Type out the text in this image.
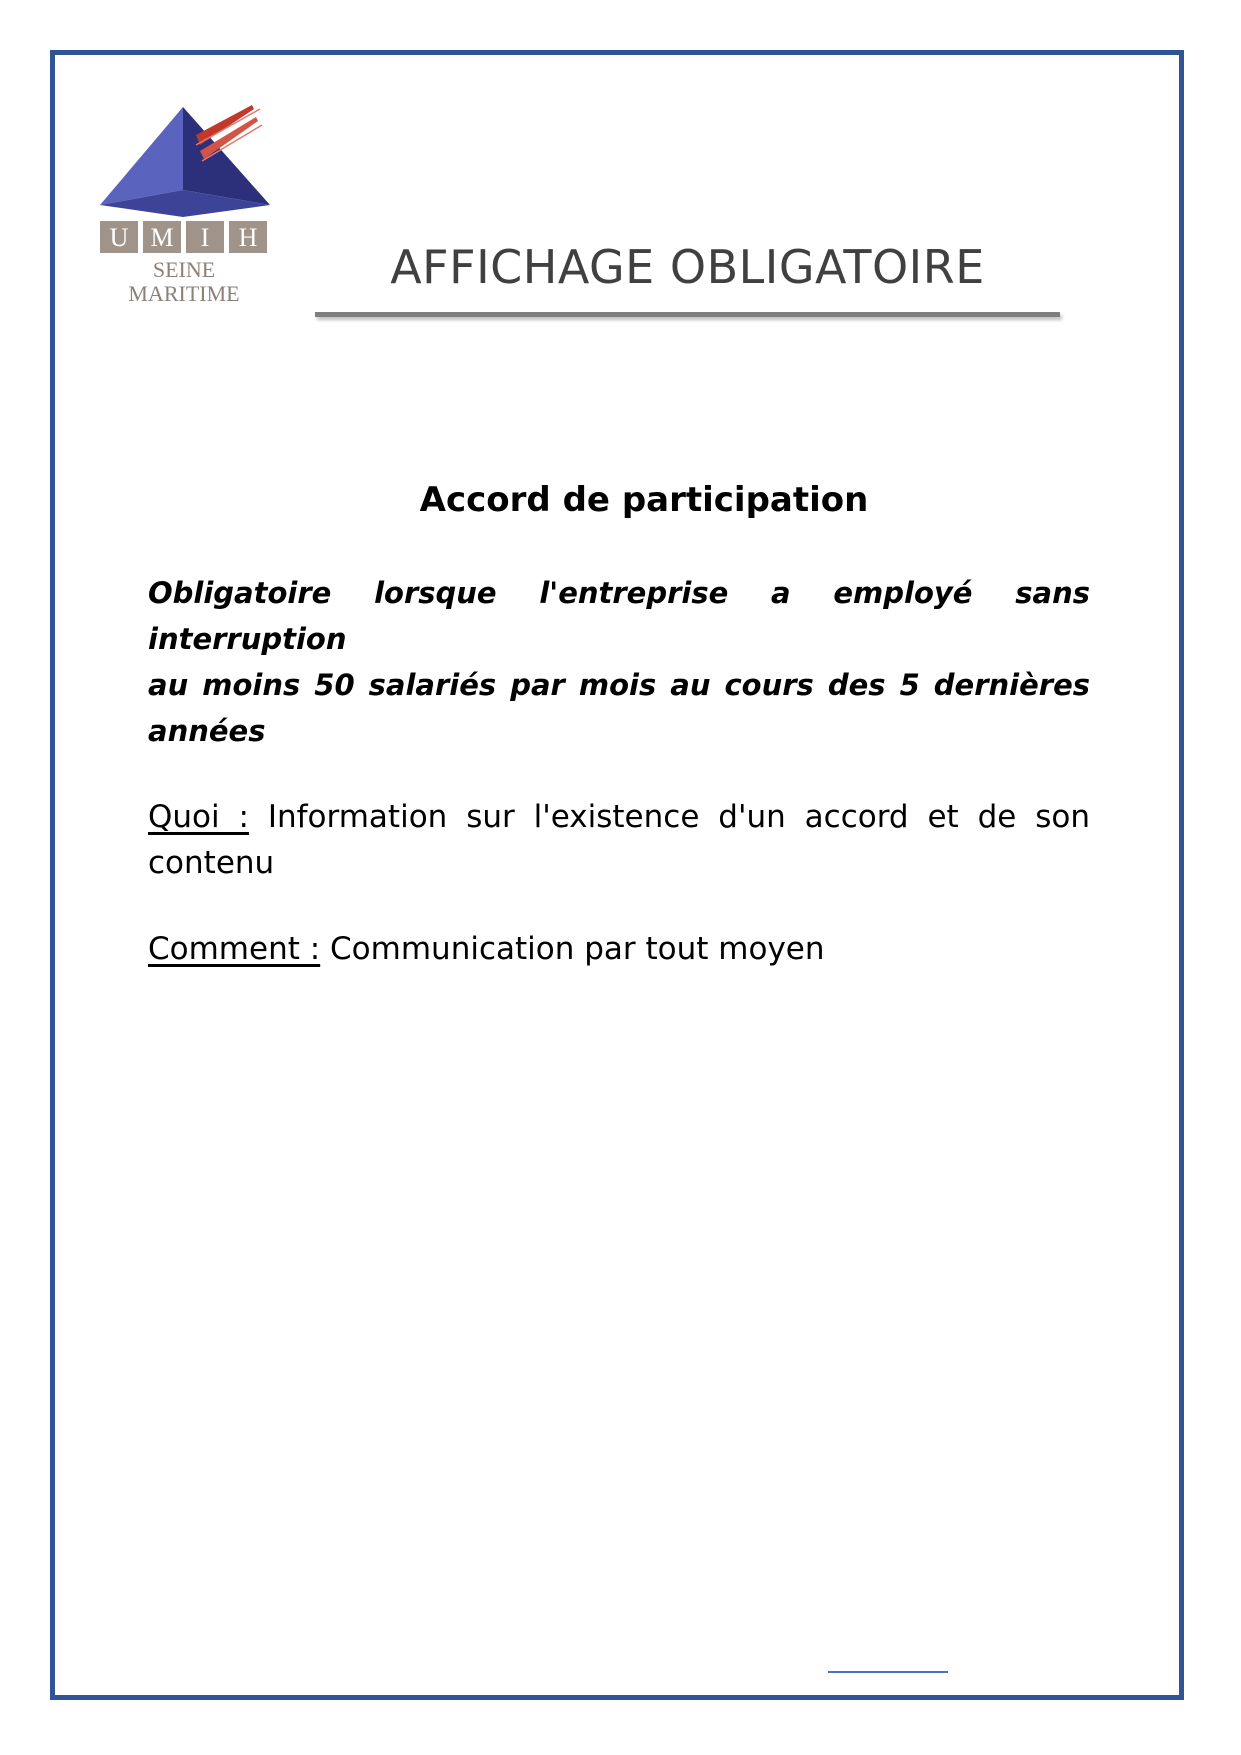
U M I H
SEINE
MARITIME	AFFICHAGE OBLIGATOIRE
Accord de participation
Obligatoire lorsque l'entreprise a employé sans interruption
au moins 50 salariés par mois au cours des 5 dernières années
Quoi : Information sur l'existence d'un accord et de son contenu
Comment : Communication par tout moyen
